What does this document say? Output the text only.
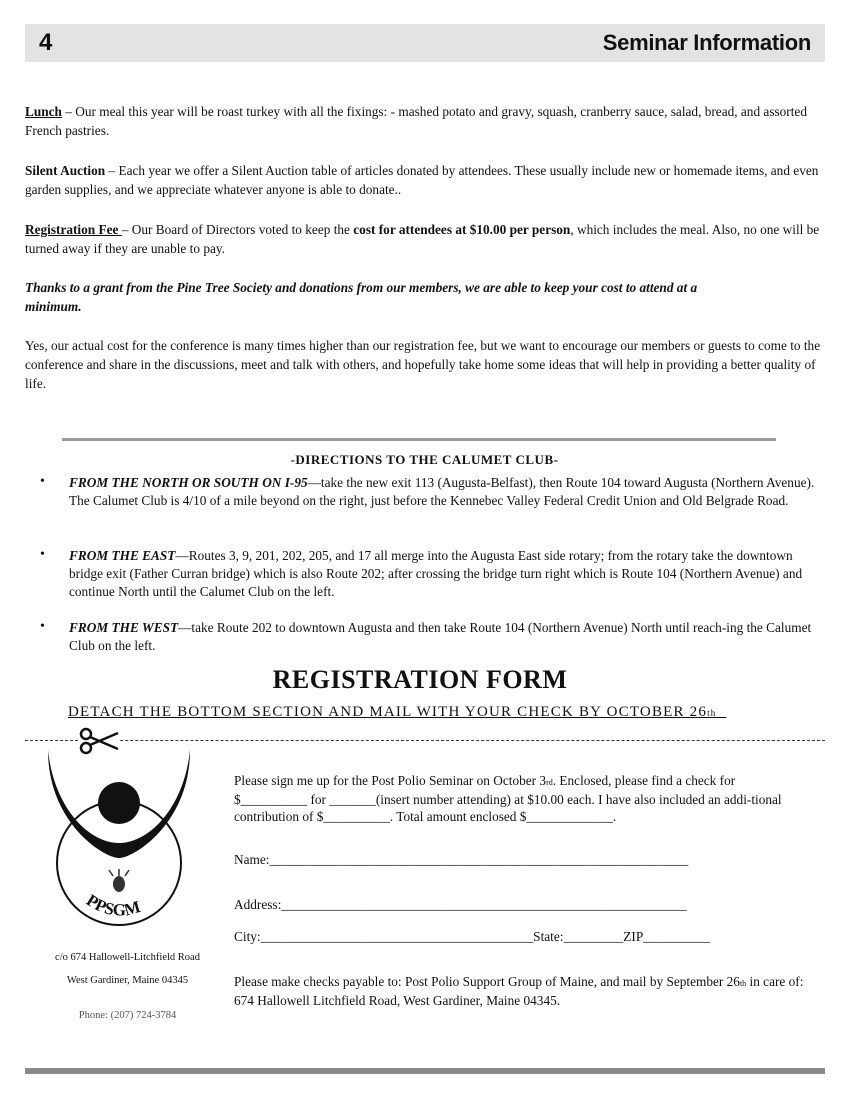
4	Seminar Information
Lunch – Our meal this year will be roast turkey with all the fixings: - mashed potato and gravy, squash, cranberry sauce, salad, bread, and assorted French pastries.
Silent Auction – Each year we offer a Silent Auction table of articles donated by attendees. These usually include new or homemade items, and even garden supplies, and we appreciate whatever anyone is able to donate..
Registration Fee – Our Board of Directors voted to keep the cost for attendees at $10.00 per person, which includes the meal. Also, no one will be turned away if they are unable to pay.
Thanks to a grant from the Pine Tree Society and donations from our members, we are able to keep your cost to attend at a minimum.
Yes, our actual cost for the conference is many times higher than our registration fee, but we want to encourage our members or guests to come to the conference and share in the discussions, meet and talk with others, and hopefully take home some ideas that will help in providing a better quality of life.
-DIRECTIONS TO THE CALUMET CLUB-
• FROM THE NORTH OR SOUTH ON I-95—take the new exit 113 (Augusta-Belfast), then Route 104 toward Augusta (Northern Avenue). The Calumet Club is 4/10 of a mile beyond on the right, just before the Kennebec Valley Federal Credit Union and Old Belgrade Road.
• FROM THE EAST—Routes 3, 9, 201, 202, 205, and 17 all merge into the Augusta East side rotary; from the rotary take the downtown bridge exit (Father Curran bridge) which is also Route 202; after crossing the bridge turn right which is Route 104 (Northern Avenue) and continue North until the Calumet Club on the left.
• FROM THE WEST—take Route 202 to downtown Augusta and then take Route 104 (Northern Avenue) North until reach-ing the Calumet Club on the left.
REGISTRATION FORM
DETACH THE BOTTOM SECTION AND MAIL WITH YOUR CHECK BY OCTOBER 26th
PPSGM
c/o 674 Hallowell-Litchfield Road
West Gardiner, Maine 04345
Phone: (207) 724-3784
Please sign me up for the Post Polio Seminar on October 3rd. Enclosed, please find a check for $__________ for _______(insert number attending) at $10.00 each. I have also included an addi-tional contribution of $__________. Total amount enclosed $_____________.
Name:_______________________________________________________________
Address:_____________________________________________________________
City:_________________________________________State:_________ZIP__________
Please make checks payable to: Post Polio Support Group of Maine, and mail by September 26th in care of: 674 Hallowell Litchfield Road, West Gardiner, Maine 04345.
